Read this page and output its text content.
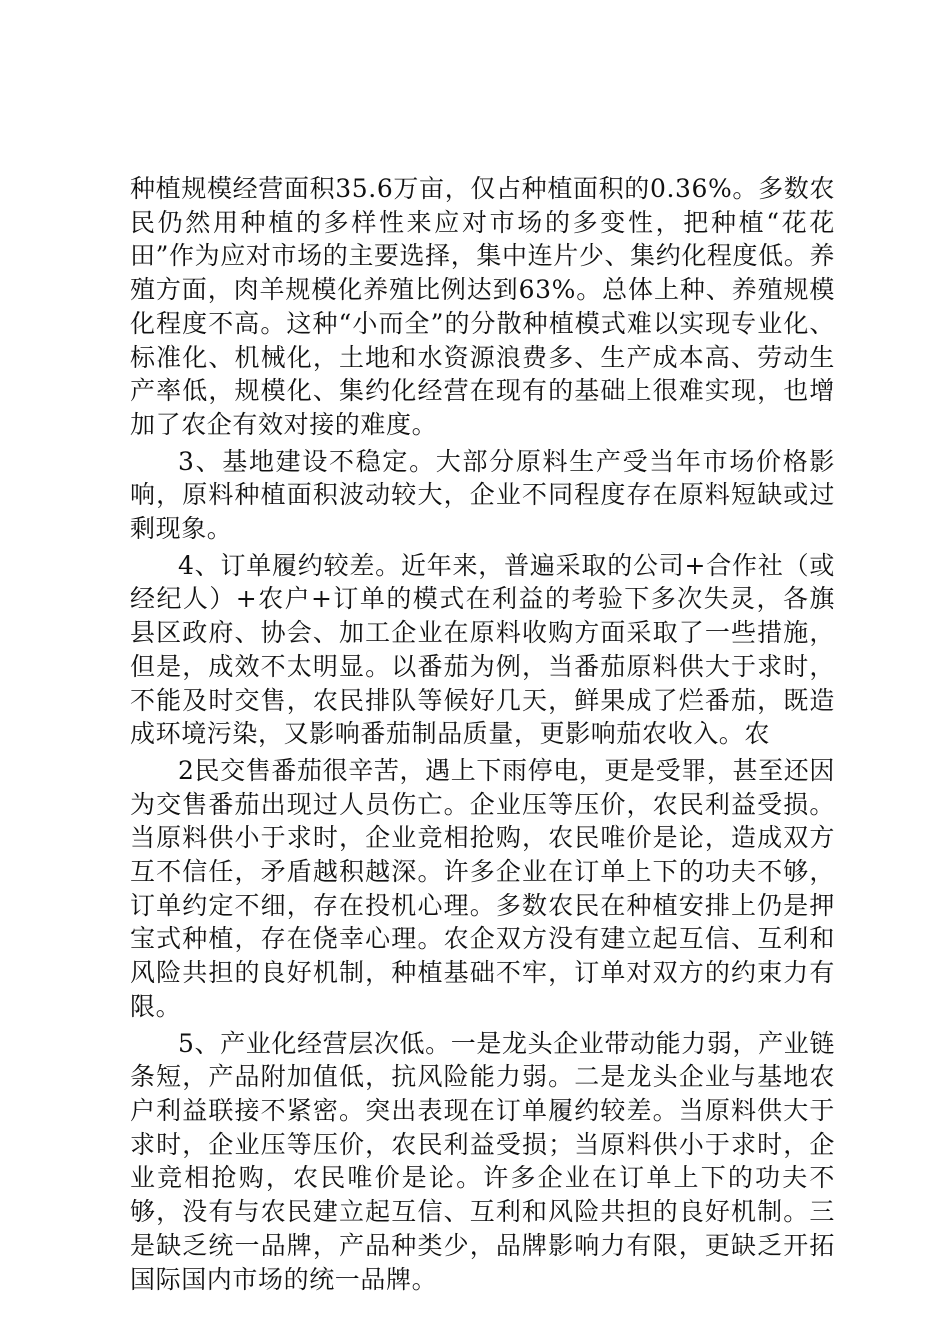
种植规模经营面积35.6万亩，仅占种植面积的0.36%。多数农民仍然用种植的多样性来应对市场的多变性，把种植“花花田”作为应对市场的主要选择，集中连片少、集约化程度低。养殖方面，肉羊规模化养殖比例达到63%。总体上种、养殖规模化程度不高。这种“小而全”的分散种植模式难以实现专业化、标准化、机械化，土地和水资源浪费多、生产成本高、劳动生产率低，规模化、集约化经营在现有的基础上很难实现，也增加了农企有效对接的难度。

3、基地建设不稳定。大部分原料生产受当年市场价格影响，原料种植面积波动较大，企业不同程度存在原料短缺或过剩现象。

4、订单履约较差。近年来，普遍采取的公司+合作社（或经纪人）+农户+订单的模式在利益的考验下多次失灵，各旗县区政府、协会、加工企业在原料收购方面采取了一些措施，但是，成效不太明显。以番茄为例，当番茄原料供大于求时，不能及时交售，农民排队等候好几天，鲜果成了烂番茄，既造成环境污染，又影响番茄制品质量，更影响茄农收入。农

2民交售番茄很辛苦，遇上下雨停电，更是受罪，甚至还因为交售番茄出现过人员伤亡。企业压等压价，农民利益受损。当原料供小于求时，企业竞相抢购，农民唯价是论，造成双方互不信任，矛盾越积越深。许多企业在订单上下的功夫不够，订单约定不细，存在投机心理。多数农民在种植安排上仍是押宝式种植，存在侥幸心理。农企双方没有建立起互信、互利和风险共担的良好机制，种植基础不牢，订单对双方的约束力有限。

5、产业化经营层次低。一是龙头企业带动能力弱，产业链条短，产品附加值低，抗风险能力弱。二是龙头企业与基地农户利益联接不紧密。突出表现在订单履约较差。当原料供大于求时，企业压等压价，农民利益受损；当原料供小于求时，企业竞相抢购，农民唯价是论。许多企业在订单上下的功夫不够，没有与农民建立起互信、互利和风险共担的良好机制。三是缺乏统一品牌，产品种类少，品牌影响力有限，更缺乏开拓国际国内市场的统一品牌。
